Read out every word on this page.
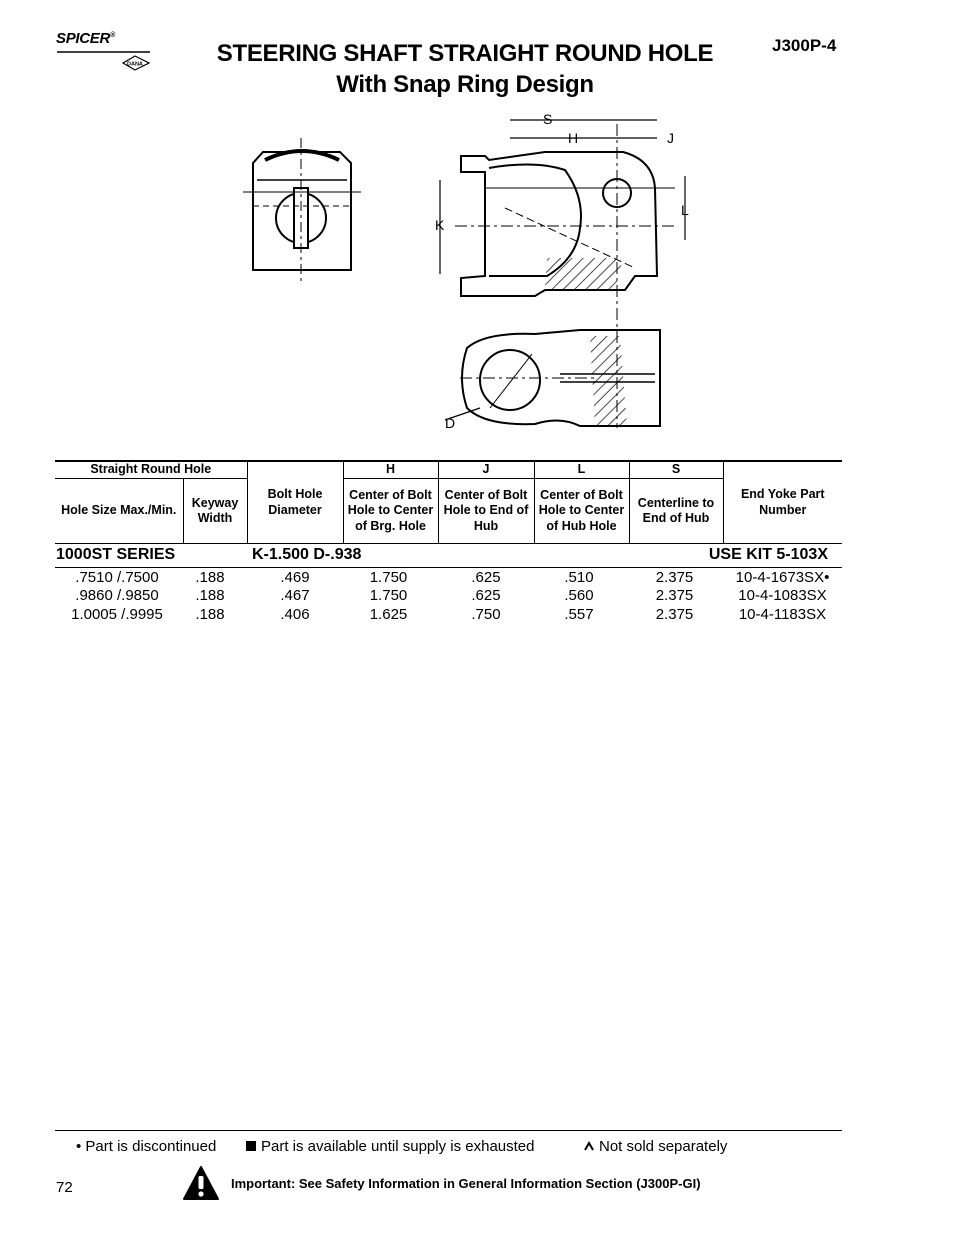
DANA
SPICER®
STEERING SHAFT STRAIGHT ROUND HOLE
With Snap Ring Design
J300P-4
S
H	J
K
L
D
Straight Round Hole		Bolt Hole Diameter	H	J	L	S	End Yoke Part Number
Hole Size Max./Min.	Keyway Width		Center of Bolt Hole to Center of Brg. Hole	Center of Bolt Hole to End of Hub	Center of Bolt Hole to Center of Hub Hole	Centerline to End of Hub	
1000ST SERIES	K-1.500 D-.938	USE KIT 5-103X
.7510 /.7500	.188	.469	1.750	.625	.510	2.375	10-4-1673SX•
.9860 /.9850	.188	.467	1.750	.625	.560	2.375	10-4-1083SX
1.0005 /.9995	.188	.406	1.625	.750	.557	2.375	10-4-1183SX
• Part is discontinued	Part is available until supply is exhausted	Not sold separately
72	Important: See Safety Information in General Information Section (J300P-GI)
